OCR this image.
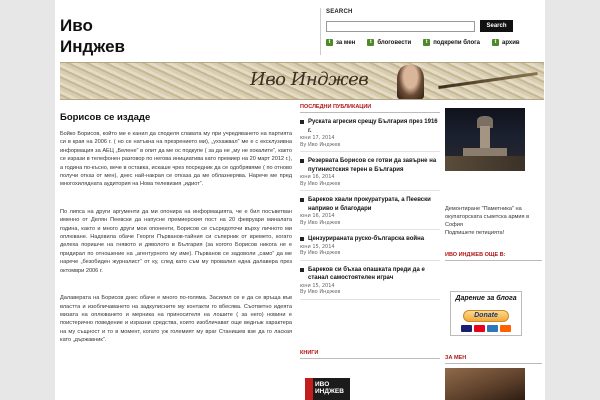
Иво
Инджев
SEARCH
Search
t за мен	t блоговести	t подкрепи блога	t архив
Иво Инджев
Борисов се издаде

Бойко Борисов, който ме е канил да споделя славата му при учредяването на партията си в края на 2006 г. ( но се натъкна на презрението ми), „уххажвал“ ме е с ексклузивна информация за АЕЦ „Белене“ в опит да ме ос подкупе ( за да не „му не хокалите“, както се изрази в телефонен разговор по негова инициатива като премиер на 20 март 2012 г.), а година по-късно, вече в оставка, искаше чрез посредник да се одобрявяме ( по отново получи отказ от мен), днес най-накрая се отказа да ме облазнерява. Нарече ме пред многохилядната аудитория на Нова телевизия „идиот“.

По липса на други аргументи да ми опонира на информацията, че е бил посъветван именно от Делян Пеевски да напусне премиерския пост на 20 февруари миналата година, както и много други мои опоненти, Борисов се съсредоточи върху личното ми оплюване. Надхвила обаче Георги Първанов-тайния си съперник от времето, когато делеха поришче на гнявото и дяволото в България (за когото Борисов никога не е придирал по отношение на „агентурното му име). Първанов се задоволи „само“ да ме нарече „безобиден журналист“ от ку, след като съм му провалил една далавера през октомври 2006 г.

Далаверата на Борисов днес обаче е много по-голяма. Засилил се е да се връща във властта и изобличаването на задкулисните му контакти го вбесява. Съответно идеята мизата на оплюването и мерника на приносителя на лошите ( за него) новини е поистерично поведение и изразни средства, които изобличават още веднъж характера на му същност и то в момент, когато уж големият му враг Станишев взе да го лаская като „държавник“.

ПОСЛЕДНИ ПУБЛИКАЦИИ
Руската агресия срещу България през 1916 г.
юни 17, 2014
By Иво Инджев
Резервата Борисов се готви да завърне на путинистския терен в България
юни 16, 2014
By Иво Инджев
Бареков хвали прокуратурата, а Пеевски наприво и благодари
юни 16, 2014
By Иво Инджев
Цензурираната руско-българска война
юни 15, 2014
By Иво Инджев
Бареков си бъхаа опашката преди да е станал самостоятелен играч
юни 15, 2014
By Иво Инджев
КНИГИ
ИВО ИНДЖЕВ
Демонтиране "Паметника" на окупаторската съветска армия в София
Подпишете петицията!
ИВО ИНДЖЕВ ОЩЕ В:
Дарение за блога
Donate
ЗА МЕН
